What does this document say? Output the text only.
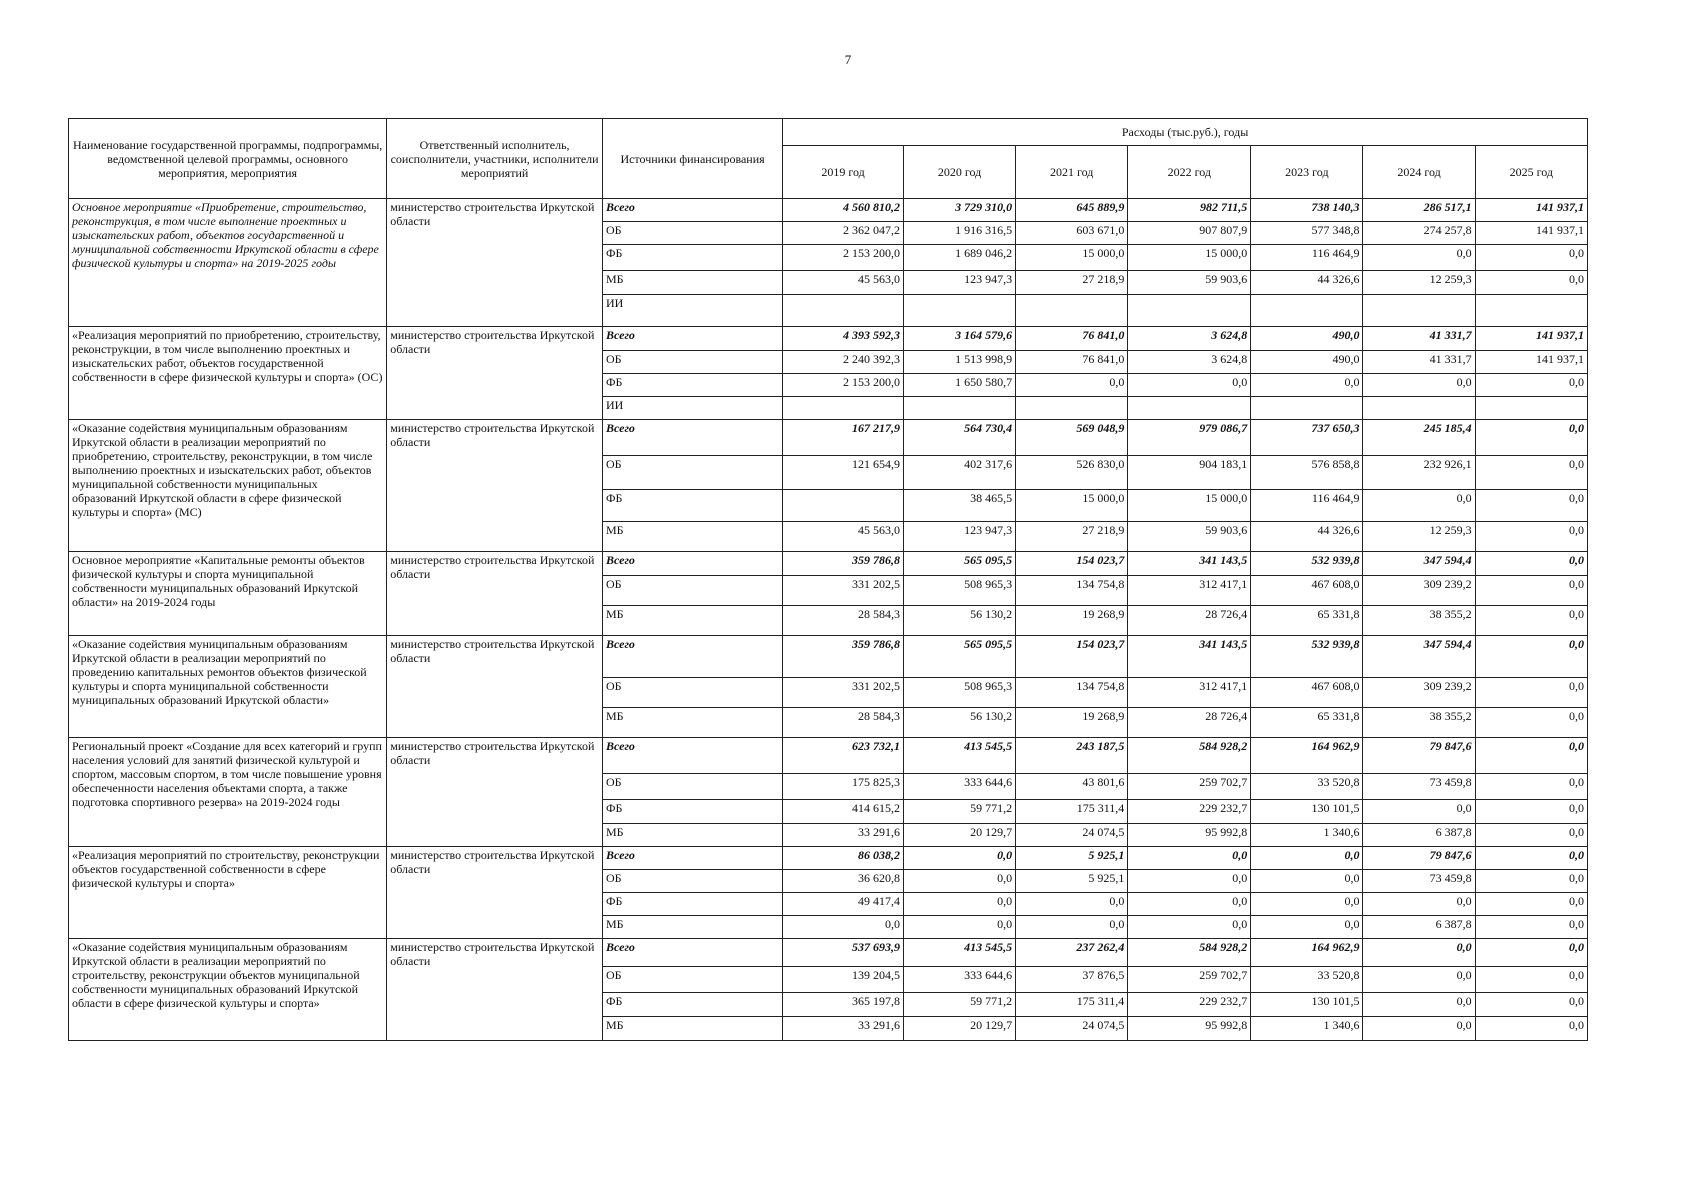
7
Наименование государственной программы, подпрограммы, ведомственной целевой программы, основного мероприятия, мероприятия	Ответственный исполнитель, соисполнители, участники, исполнители мероприятий	Источники финансирования	Расходы (тыс.руб.), годы						
			2019 год	2020 год	2021 год	2022 год	2023 год	2024 год	2025 год
Основное мероприятие «Приобретение, строительство, реконструкция, в том числе выполнение проектных и изыскательских работ, объектов государственной и муниципальной собственности Иркутской области в сфере физической культуры и спорта» на 2019-2025 годы	министерство строительства Иркутской области	Всего	4 560 810,2	3 729 310,0	645 889,9	982 711,5	738 140,3	286 517,1	141 937,1
		ОБ	2 362 047,2	1 916 316,5	603 671,0	907 807,9	577 348,8	274 257,8	141 937,1
		ФБ	2 153 200,0	1 689 046,2	15 000,0	15 000,0	116 464,9	0,0	0,0
		МБ	45 563,0	123 947,3	27 218,9	59 903,6	44 326,6	12 259,3	0,0
		ИИ							
«Реализация мероприятий по приобретению, строительству, реконструкции, в том числе выполнению проектных и изыскательских работ, объектов государственной собственности в сфере физической культуры и спорта» (ОС)	министерство строительства Иркутской области	Всего	4 393 592,3	3 164 579,6	76 841,0	3 624,8	490,0	41 331,7	141 937,1
		ОБ	2 240 392,3	1 513 998,9	76 841,0	3 624,8	490,0	41 331,7	141 937,1
		ФБ	2 153 200,0	1 650 580,7	0,0	0,0	0,0	0,0	0,0
		ИИ							
«Оказание содействия муниципальным образованиям Иркутской области в реализации мероприятий по приобретению, строительству, реконструкции, в том числе выполнению проектных и изыскательских работ, объектов муниципальной собственности муниципальных образований Иркутской области в сфере физической культуры и спорта» (МС)	министерство строительства Иркутской области	Всего	167 217,9	564 730,4	569 048,9	979 086,7	737 650,3	245 185,4	0,0
		ОБ	121 654,9	402 317,6	526 830,0	904 183,1	576 858,8	232 926,1	0,0
		ФБ		38 465,5	15 000,0	15 000,0	116 464,9	0,0	0,0
		МБ	45 563,0	123 947,3	27 218,9	59 903,6	44 326,6	12 259,3	0,0
Основное мероприятие «Капитальные ремонты объектов физической культуры и спорта муниципальной собственности муниципальных образований Иркутской области» на 2019-2024 годы	министерство строительства Иркутской области	Всего	359 786,8	565 095,5	154 023,7	341 143,5	532 939,8	347 594,4	0,0
		ОБ	331 202,5	508 965,3	134 754,8	312 417,1	467 608,0	309 239,2	0,0
		МБ	28 584,3	56 130,2	19 268,9	28 726,4	65 331,8	38 355,2	0,0
«Оказание содействия муниципальным образованиям Иркутской области в реализации мероприятий по проведению капитальных ремонтов объектов физической культуры и спорта муниципальной собственности муниципальных образований Иркутской области»	министерство строительства Иркутской области	Всего	359 786,8	565 095,5	154 023,7	341 143,5	532 939,8	347 594,4	0,0
		ОБ	331 202,5	508 965,3	134 754,8	312 417,1	467 608,0	309 239,2	0,0
		МБ	28 584,3	56 130,2	19 268,9	28 726,4	65 331,8	38 355,2	0,0
Региональный проект «Создание для всех категорий и групп населения условий для занятий физической культурой и спортом, массовым спортом, в том числе повышение уровня обеспеченности населения объектами спорта, а также подготовка спортивного резерва» на 2019-2024 годы	министерство строительства Иркутской области	Всего	623 732,1	413 545,5	243 187,5	584 928,2	164 962,9	79 847,6	0,0
		ОБ	175 825,3	333 644,6	43 801,6	259 702,7	33 520,8	73 459,8	0,0
		ФБ	414 615,2	59 771,2	175 311,4	229 232,7	130 101,5	0,0	0,0
		МБ	33 291,6	20 129,7	24 074,5	95 992,8	1 340,6	6 387,8	0,0
«Реализация мероприятий по строительству, реконструкции объектов государственной собственности в сфере физической культуры и спорта»	министерство строительства Иркутской области	Всего	86 038,2	0,0	5 925,1	0,0	0,0	79 847,6	0,0
		ОБ	36 620,8	0,0	5 925,1	0,0	0,0	73 459,8	0,0
		ФБ	49 417,4	0,0	0,0	0,0	0,0	0,0	0,0
		МБ	0,0	0,0	0,0	0,0	0,0	6 387,8	0,0
«Оказание содействия муниципальным образованиям Иркутской области в реализации мероприятий по строительству, реконструкции объектов муниципальной собственности муниципальных образований Иркутской области в сфере физической культуры и спорта»	министерство строительства Иркутской области	Всего	537 693,9	413 545,5	237 262,4	584 928,2	164 962,9	0,0	0,0
		ОБ	139 204,5	333 644,6	37 876,5	259 702,7	33 520,8	0,0	0,0
		ФБ	365 197,8	59 771,2	175 311,4	229 232,7	130 101,5	0,0	0,0
		МБ	33 291,6	20 129,7	24 074,5	95 992,8	1 340,6	0,0	0,0
